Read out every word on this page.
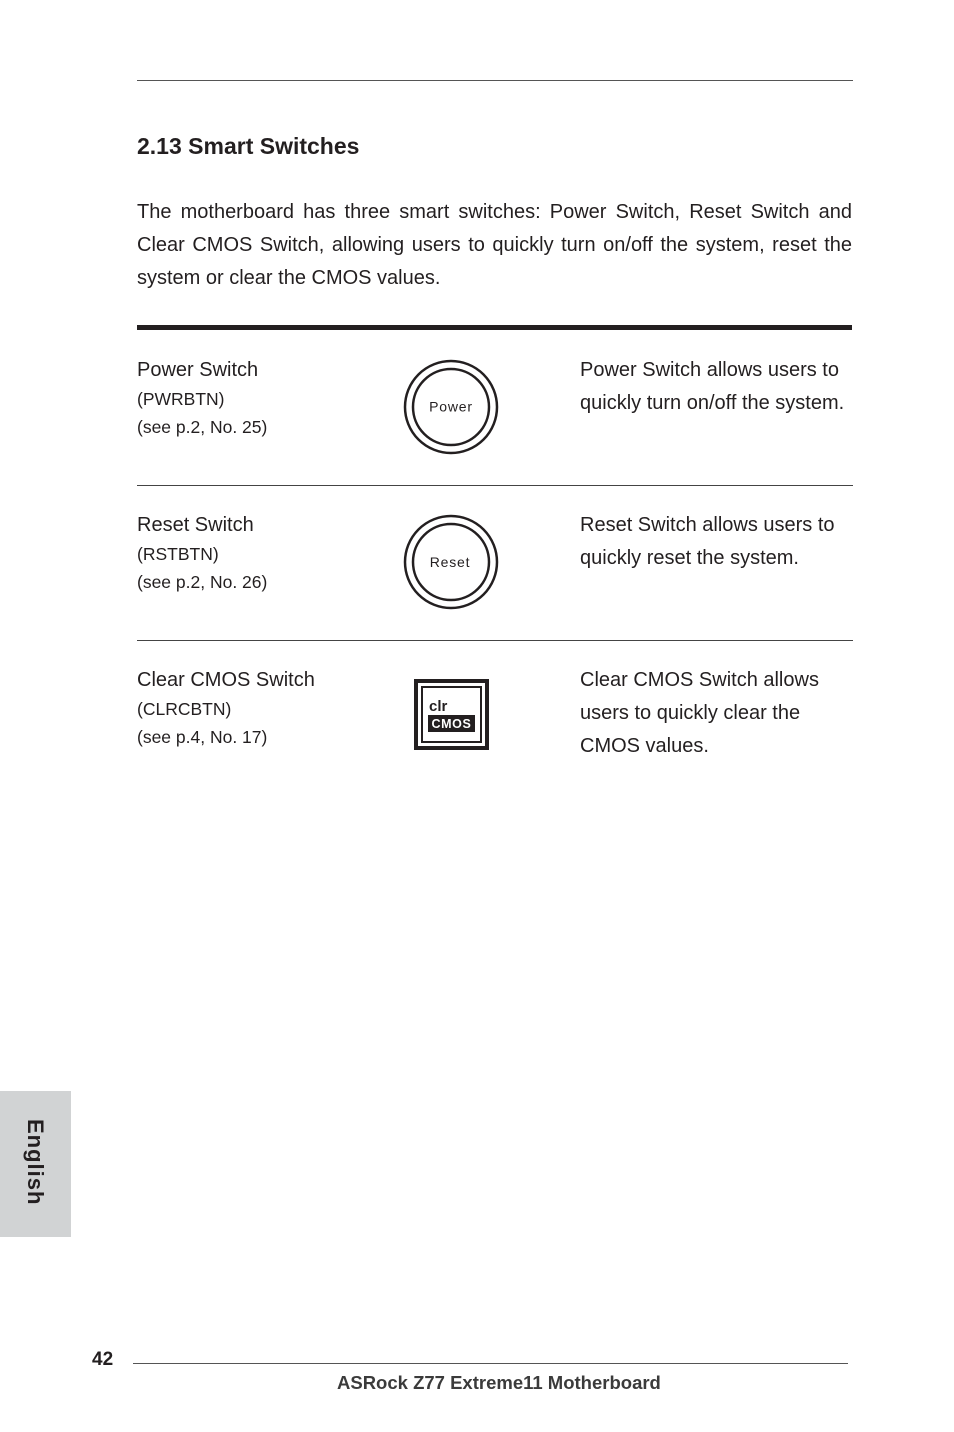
2.13 Smart Switches

The motherboard has three smart switches: Power Switch, Reset Switch and Clear CMOS Switch, allowing users to quickly turn on/off the system, reset the system or clear the CMOS values.

Power Switch

(PWRBTN)

(see p.2, No. 25)

Power

Power Switch allows users to quickly turn on/off the system.

Reset Switch

(RSTBTN)

(see p.2, No. 26)

Reset

Reset Switch allows users to quickly reset the system.

Clear CMOS Switch

(CLRCBTN)

(see p.4, No. 17)

clr
CMOS

Clear CMOS Switch allows users to quickly clear the CMOS values.

English
42
ASRock Z77 Extreme11 Motherboard
